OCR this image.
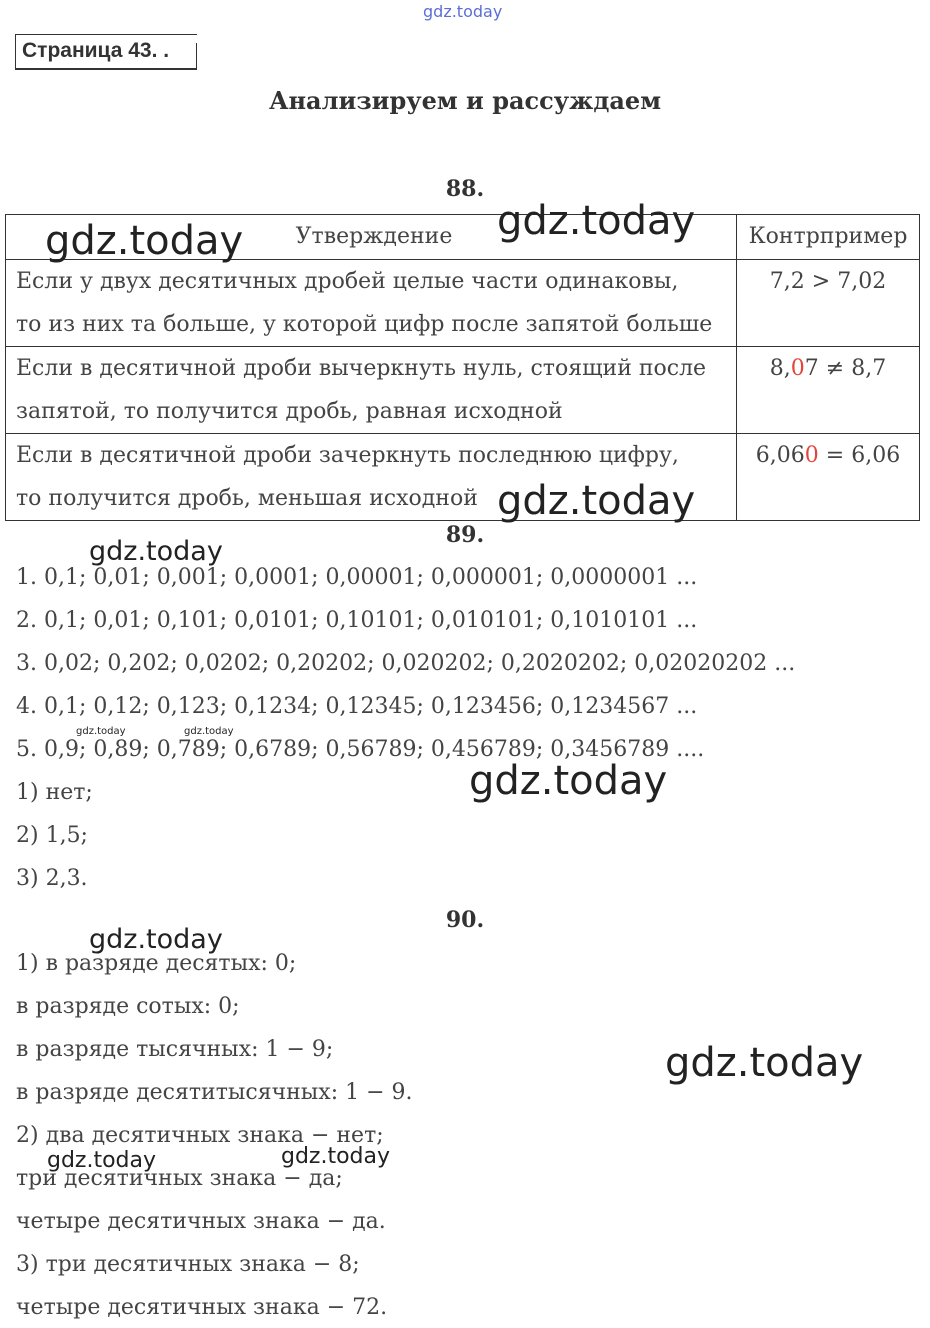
gdz.today
Страница 43. .
Анализируем и рассуждаем
88.
Утверждение	Контрпример

Если у двух десятичных дробей целые части одинаковы,
то из них та больше, у которой цифр после запятой больше	7,2 > 7,02

Если в десятичной дроби вычеркнуть нуль, стоящий после
запятой, то получится дробь, равная исходной	8,07 ≠ 8,7

Если в десятичной дроби зачеркнуть последнюю цифру,
то получится дробь, меньшая исходной	6,060 = 6,06
89.
1. 0,1; 0,01; 0,001; 0,0001; 0,00001; 0,000001; 0,0000001 ...
2. 0,1; 0,01; 0,101; 0,0101; 0,10101; 0,010101; 0,1010101 ...
3. 0,02; 0,202; 0,0202; 0,20202; 0,020202; 0,2020202; 0,02020202 ...
4. 0,1; 0,12; 0,123; 0,1234; 0,12345; 0,123456; 0,1234567 ...
5. 0,9; 0,89; 0,789; 0,6789; 0,56789; 0,456789; 0,3456789 ....
1) нет;
2) 1,5;
3) 2,3.
90.
1) в разряде десятых: 0;
в разряде сотых: 0;
в разряде тысячных: 1 − 9;
в разряде десятитысячных: 1 − 9.
2) два десятичных знака − нет;
три десятичных знака − да;
четыре десятичных знака − да.
3) три десятичных знака − 8;
четыре десятичных знака − 72.
gdz.today	gdz.today
gdz.today
gdz.today
gdz.today	gdz.today
gdz.today
gdz.today
gdz.today
gdz.today	gdz.today
